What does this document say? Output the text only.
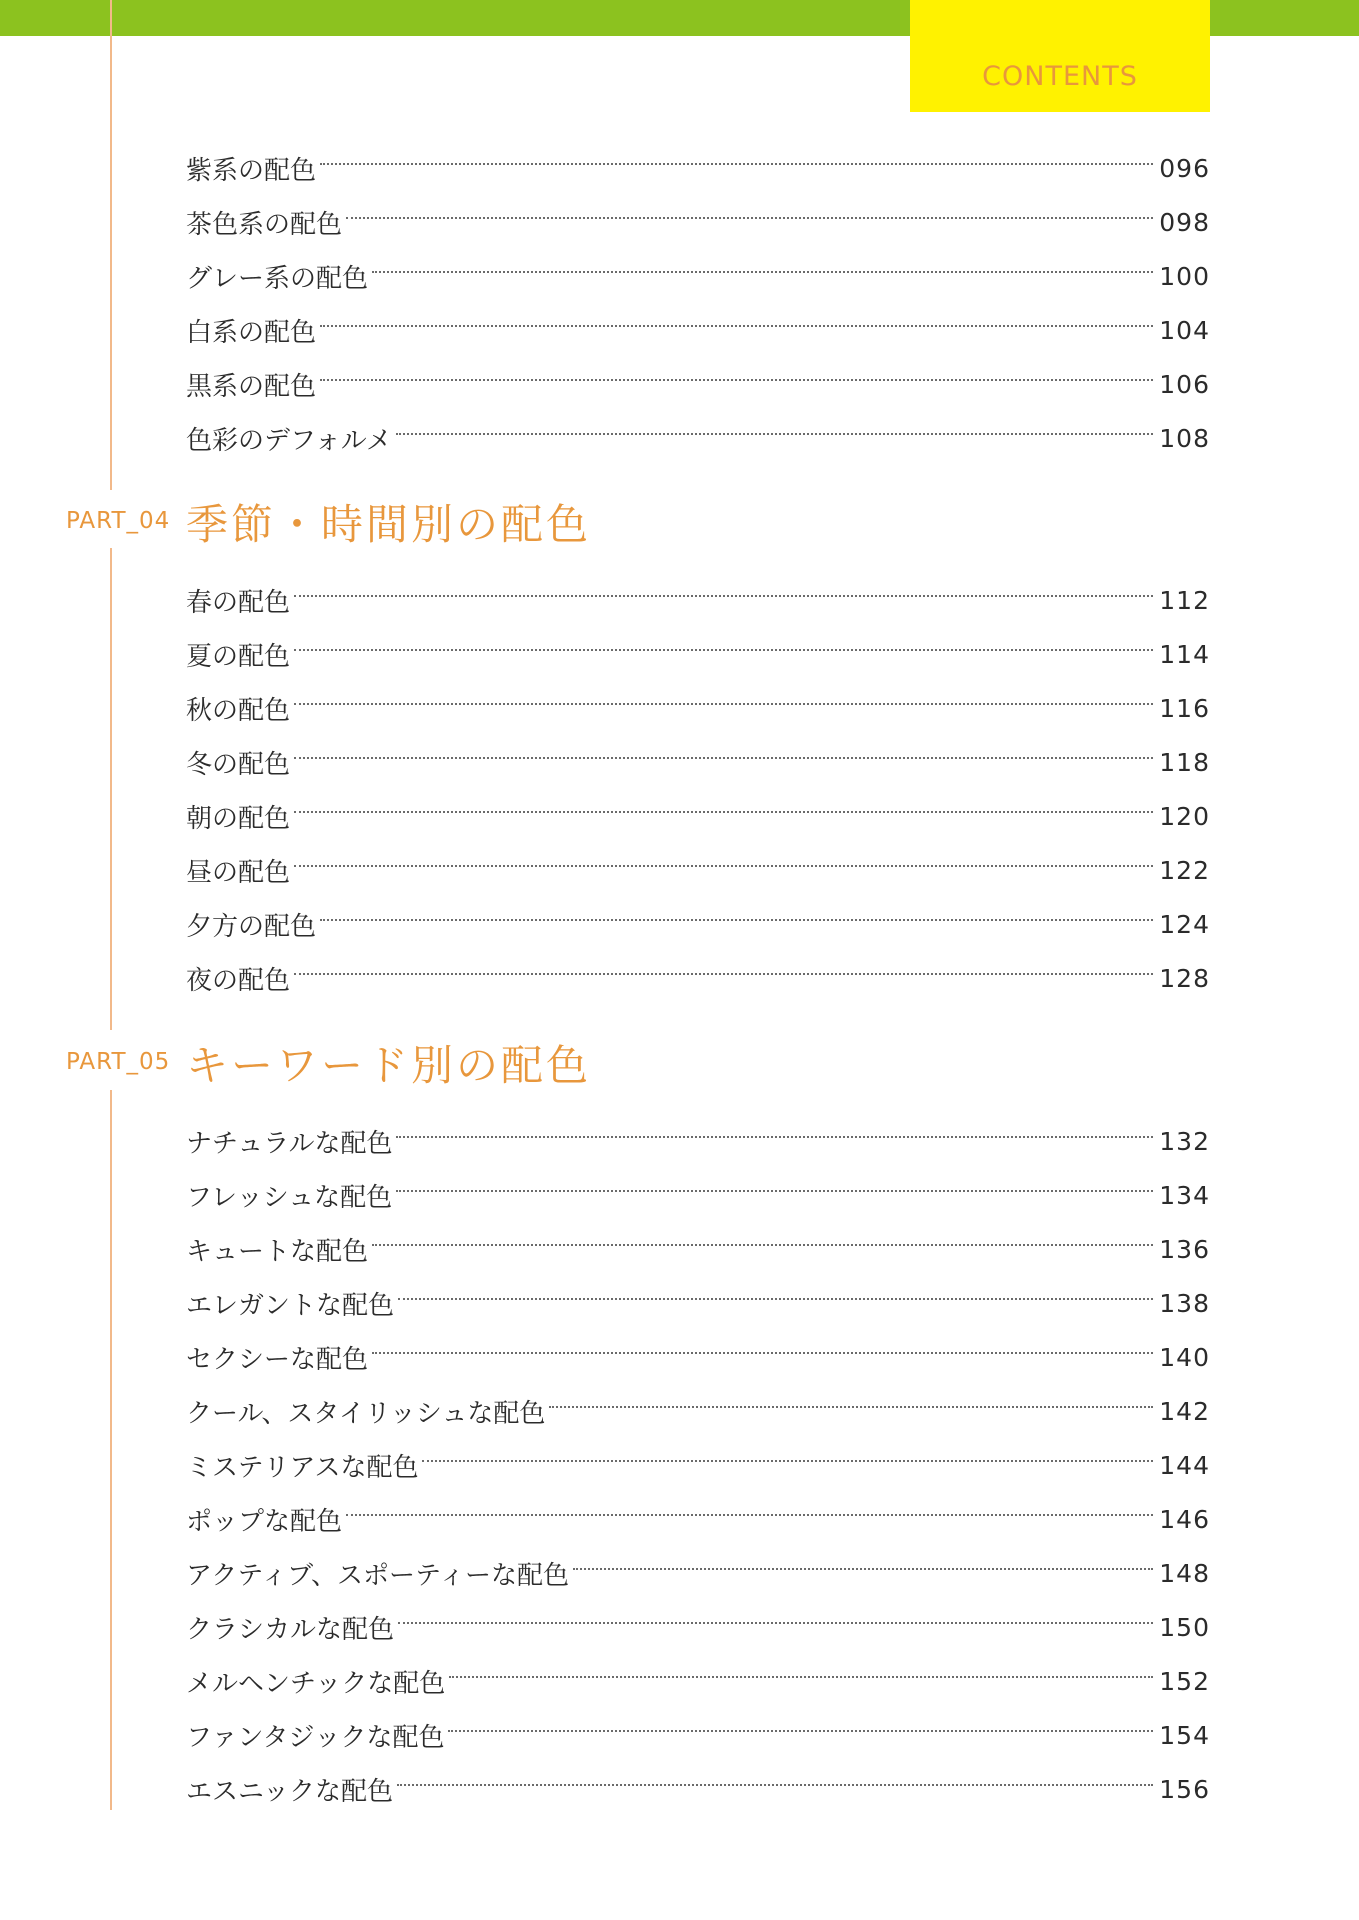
CONTENTS
紫系の配色	096
茶色系の配色	098
グレー系の配色	100
白系の配色	104
黒系の配色	106
色彩のデフォルメ	108
PART_04 季節・時間別の配色
春の配色	112
夏の配色	114
秋の配色	116
冬の配色	118
朝の配色	120
昼の配色	122
夕方の配色	124
夜の配色	128
PART_05 キーワード別の配色
ナチュラルな配色	132
フレッシュな配色	134
キュートな配色	136
エレガントな配色	138
セクシーな配色	140
クール、スタイリッシュな配色	142
ミステリアスな配色	144
ポップな配色	146
アクティブ、スポーティーな配色	148
クラシカルな配色	150
メルヘンチックな配色	152
ファンタジックな配色	154
エスニックな配色	156
